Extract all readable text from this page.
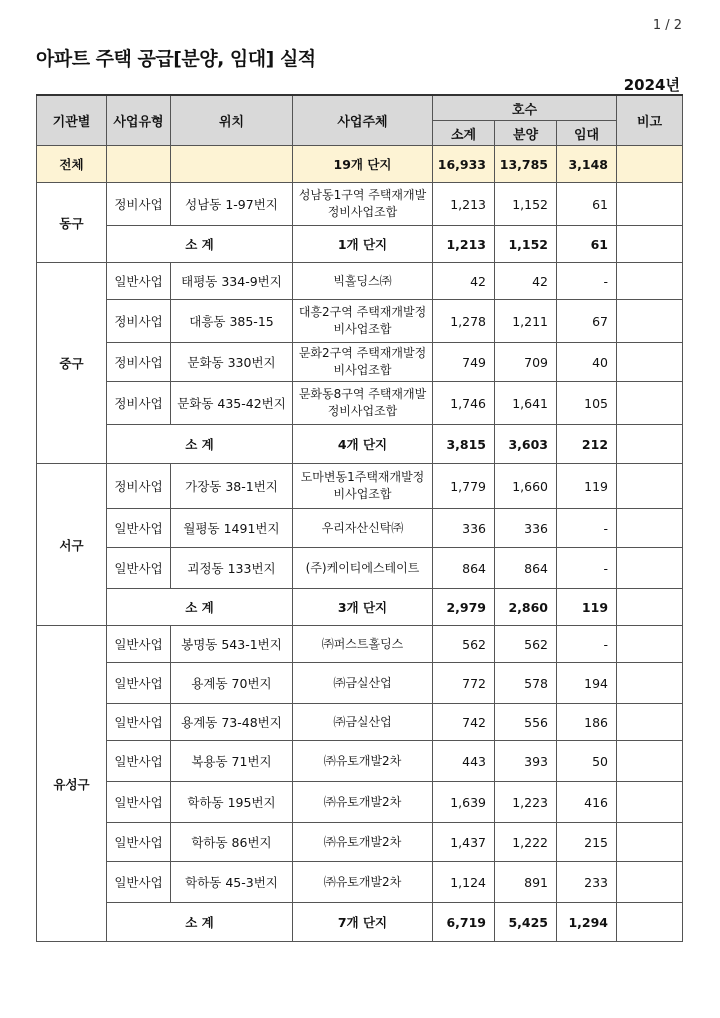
1 / 2
아파트 주택 공급[분양, 임대] 실적
2024년
기관별	사업유형	위치	사업주체	호수			비고
				소계	분양	임대	
전체			19개 단지	16,933	13,785	3,148	
동구	정비사업	성남동 1-97번지	성남동1구역 주택재개발정비사업조합	1,213	1,152	61	
	소 계		1개 단지	1,213	1,152	61	
중구	일반사업	태평동 334-9번지	빅홀딩스㈜	42	42	-	
	정비사업	대흥동 385-15	대흥2구역 주택재개발정비사업조합	1,278	1,211	67	
	정비사업	문화동 330번지	문화2구역 주택재개발정비사업조합	749	709	40	
	정비사업	문화동 435-42번지	문화동8구역 주택재개발정비사업조합	1,746	1,641	105	
	소 계		4개 단지	3,815	3,603	212	
서구	정비사업	가장동 38-1번지	도마변동1주택재개발정비사업조합	1,779	1,660	119	
	일반사업	월평동 1491번지	우리자산신탁㈜	336	336	-	
	일반사업	괴정동 133번지	(주)케이티에스테이트	864	864	-	
	소 계		3개 단지	2,979	2,860	119	
유성구	일반사업	봉명동 543-1번지	㈜퍼스트홀딩스	562	562	-	
	일반사업	용계동 70번지	㈜금실산업	772	578	194	
	일반사업	용계동 73-48번지	㈜금실산업	742	556	186	
	일반사업	복용동 71번지	㈜유토개발2차	443	393	50	
	일반사업	학하동 195번지	㈜유토개발2차	1,639	1,223	416	
	일반사업	학하동 86번지	㈜유토개발2차	1,437	1,222	215	
	일반사업	학하동 45-3번지	㈜유토개발2차	1,124	891	233	
	소 계		7개 단지	6,719	5,425	1,294	
